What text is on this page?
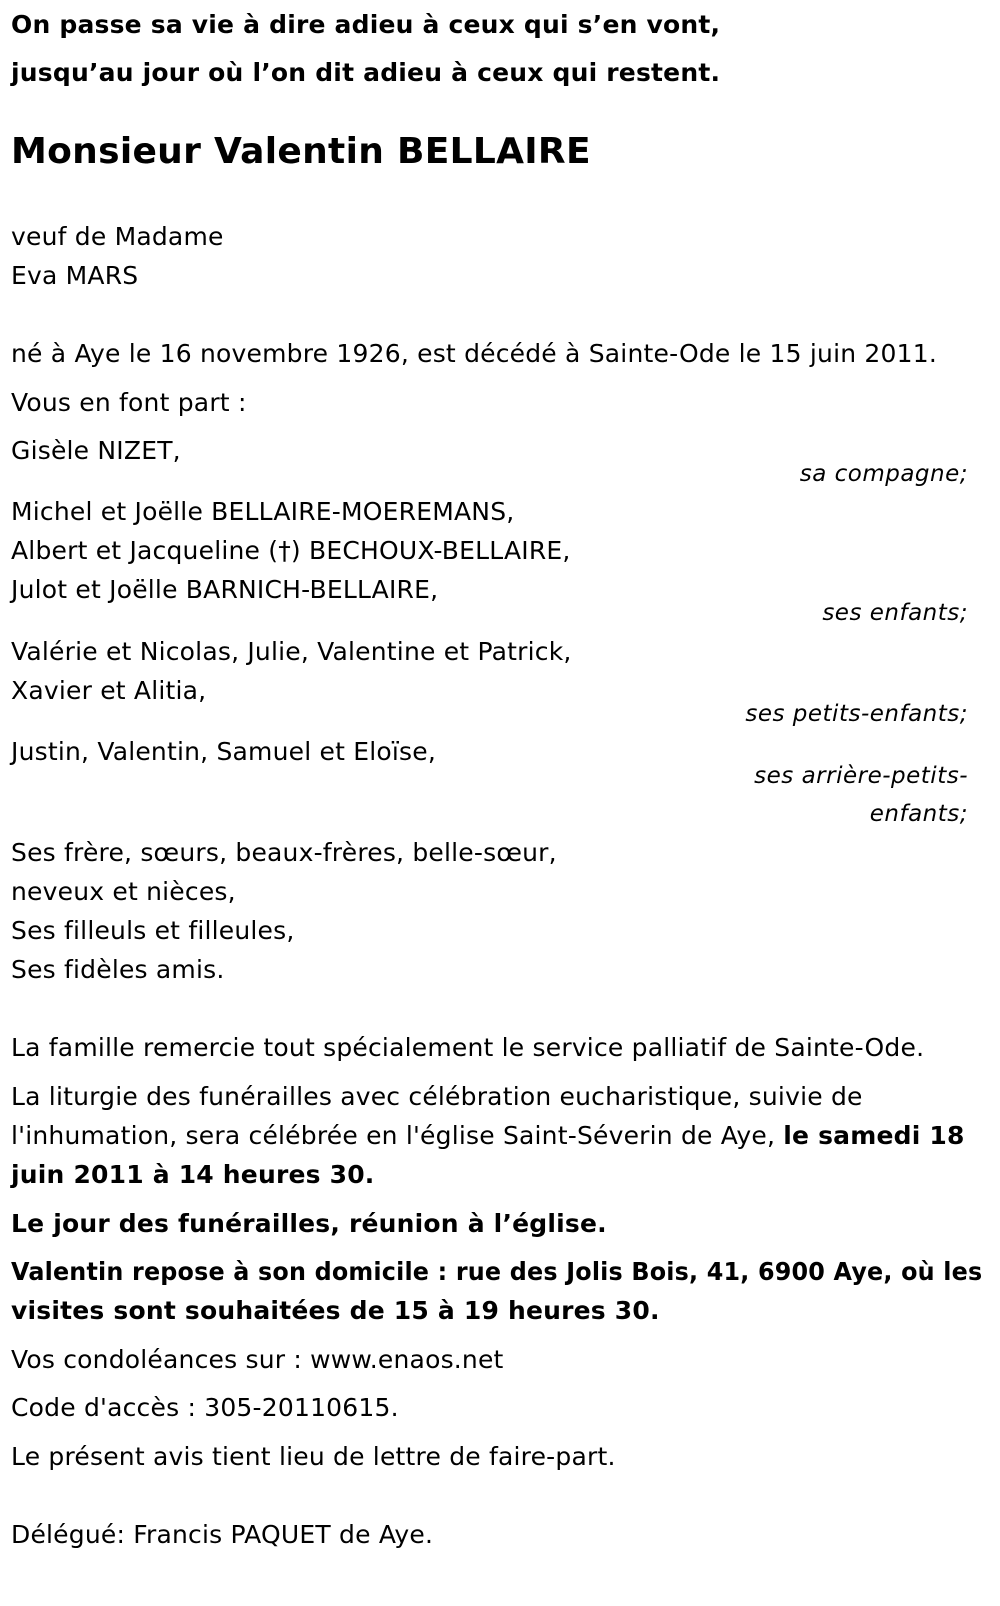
On passe sa vie à dire adieu à ceux qui s’en vont,
jusqu’au jour où l’on dit adieu à ceux qui restent.
Monsieur Valentin BELLAIRE
veuf de Madame
Eva MARS
né à Aye le 16 novembre 1926, est décédé à Sainte-Ode le 15 juin 2011.
Vous en font part :
Gisèle NIZET,
sa compagne;
Michel et Joëlle BELLAIRE-MOEREMANS,
Albert et Jacqueline (†) BECHOUX-BELLAIRE,
Julot et Joëlle BARNICH-BELLAIRE,
ses enfants;
Valérie et Nicolas, Julie, Valentine et Patrick,
Xavier et Alitia,
ses petits-enfants;
Justin, Valentin, Samuel et Eloïse,
ses arrière-petits-
enfants;
Ses frère, sœurs, beaux-frères, belle-sœur,
neveux et nièces,
Ses filleuls et filleules,
Ses fidèles amis.
La famille remercie tout spécialement le service palliatif de Sainte-Ode.
La liturgie des funérailles avec célébration eucharistique, suivie de
l'inhumation, sera célébrée en l'église Saint-Séverin de Aye, le samedi 18
juin 2011 à 14 heures 30.
Le jour des funérailles, réunion à l’église.
Valentin repose à son domicile : rue des Jolis Bois, 41, 6900 Aye, où les
visites sont souhaitées de 15 à 19 heures 30.
Vos condoléances sur : www.enaos.net
Code d'accès : 305-20110615.
Le présent avis tient lieu de lettre de faire-part.
Délégué: Francis PAQUET de Aye.
